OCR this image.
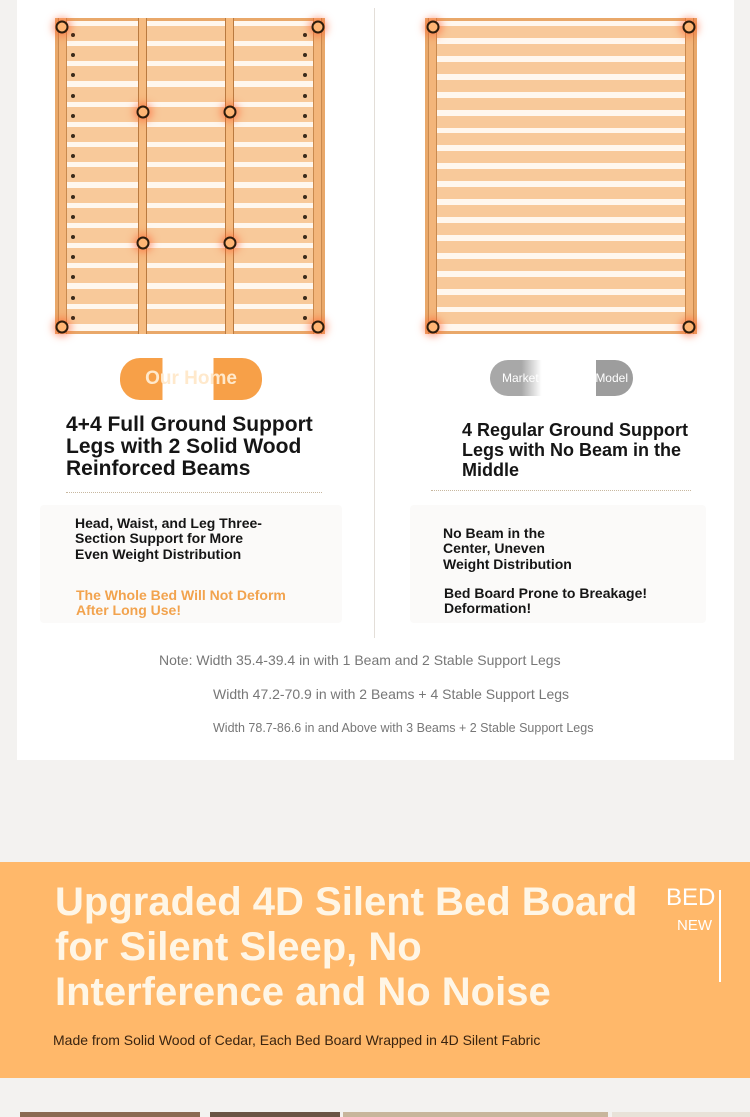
Our Home	Market	Model
4+4 Full Ground Support Legs with 2 Solid Wood Reinforced Beams
4 Regular Ground Support Legs with No Beam in the Middle
Head, Waist, and Leg Three-Section Support for More Even Weight Distribution
The Whole Bed Will Not Deform After Long Use!
No Beam in the Center, Uneven Weight Distribution
Bed Board Prone to Breakage! Deformation!
Note: Width 35.4-39.4 in with 1 Beam and 2 Stable Support Legs
Width 47.2-70.9 in with 2 Beams + 4 Stable Support Legs
Width 78.7-86.6 in and Above with 3 Beams + 2 Stable Support Legs
Upgraded 4D Silent Bed Board for Silent Sleep, No Interference and No Noise
Made from Solid Wood of Cedar, Each Bed Board Wrapped in 4D Silent Fabric
BED
NEW
